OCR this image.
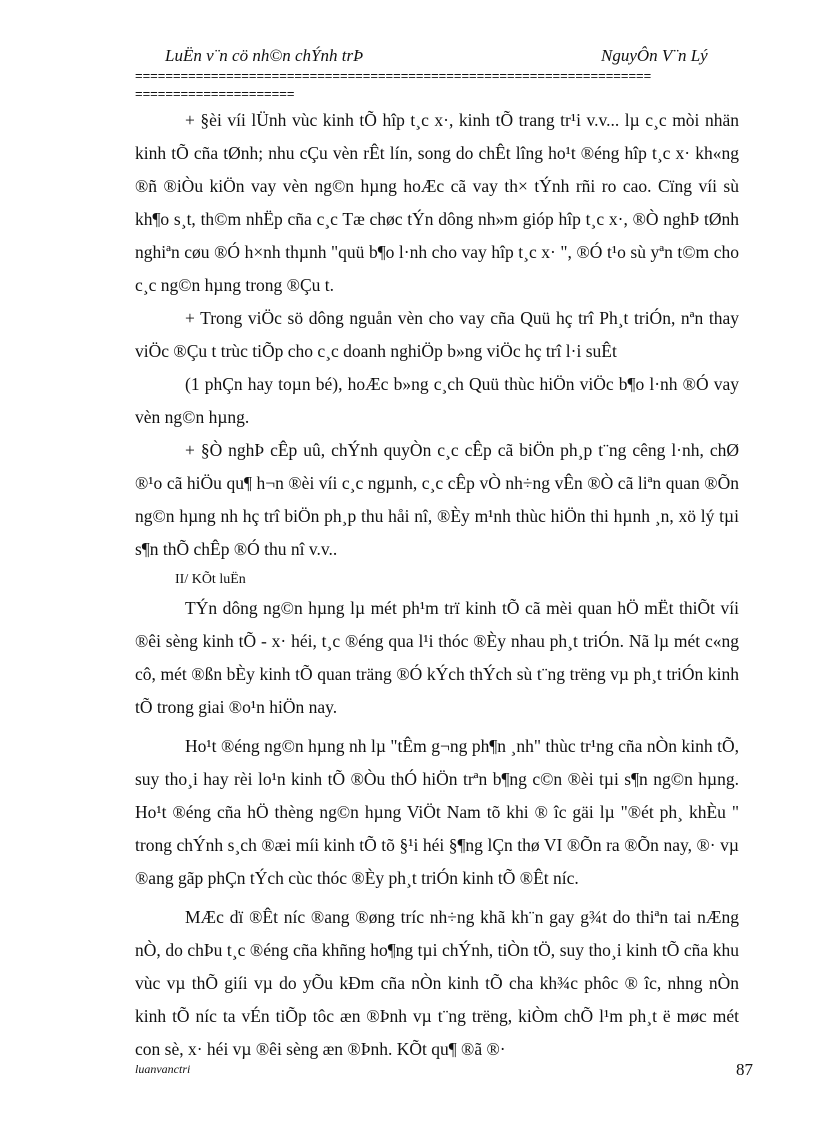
LuËn v¨n cö nh©n chÝnh trÞ	NguyÔn V¨n Lý
====================================================================
=====================

+ §èi víi lÜnh vùc kinh tÕ hîp t¸c x·, kinh tÕ trang tr¹i v.v... lµ c¸c mòi nhän kinh tÕ cña tØnh; nhu cÇu vèn rÊt lín, song do chÊt lîng ho¹t ®éng hîp t¸c x· kh«ng ®ñ ®iÒu kiÖn vay vèn ng©n hµng hoÆc cã vay th× tÝnh rñi ro cao. Cïng víi sù kh¶o s¸t, th©m nhËp cña c¸c Tæ chøc tÝn dông nh»m gióp hîp t¸c x·, ®Ò nghÞ tØnh nghiªn cøu ®Ó h×nh thµnh "quü b¶o l·nh cho vay hîp t¸c x· ", ®Ó t¹o sù yªn t©m cho c¸c ng©n hµng trong ®Çu t.

+ Trong viÖc sö dông nguån vèn cho vay cña Quü hç trî Ph¸t triÓn, nªn thay viÖc ®Çu t trùc tiÕp cho c¸c doanh nghiÖp b»ng viÖc hç trî l·i suÊt

(1 phÇn hay toµn bé), hoÆc b»ng c¸ch Quü thùc hiÖn viÖc b¶o l·nh ®Ó vay vèn ng©n hµng.

+ §Ò nghÞ cÊp uû, chÝnh quyÒn c¸c cÊp cã biÖn ph¸p t¨ng cêng l·nh, chØ ®¹o cã hiÖu qu¶ h¬n ®èi víi c¸c ngµnh, c¸c cÊp vÒ nh÷ng vÊn ®Ò cã liªn quan ®Õn ng©n hµng nh hç trî biÖn ph¸p thu håi nî, ®Èy m¹nh thùc hiÖn thi hµnh ¸n, xö lý tµi s¶n thÕ chÊp ®Ó thu nî v.v..

II/ KÕt luËn

TÝn dông ng©n hµng lµ mét ph¹m trï kinh tÕ cã mèi quan hÖ mËt thiÕt víi ®êi sèng kinh tÕ - x· héi, t¸c ®éng qua l¹i thóc ®Èy nhau ph¸t triÓn. Nã lµ mét c«ng cô, mét ®ßn bÈy kinh tÕ quan träng ®Ó kÝch thÝch sù t¨ng trëng vµ ph¸t triÓn kinh tÕ trong giai ®o¹n hiÖn nay.

Ho¹t ®éng ng©n hµng nh lµ "tÊm g¬ng ph¶n ¸nh" thùc tr¹ng cña nÒn kinh tÕ, suy tho¸i hay rèi lo¹n kinh tÕ ®Òu thÓ hiÖn trªn b¶ng c©n ®èi tµi s¶n ng©n hµng. Ho¹t ®éng cña hÖ thèng ng©n hµng ViÖt Nam tõ khi ® îc gäi lµ "®ét ph¸ khÈu " trong chÝnh s¸ch ®æi míi kinh tÕ tõ §¹i héi §¶ng lÇn thø VI ®Õn ra ®Õn nay, ®· vµ ®ang gãp phÇn tÝch cùc thóc ®Èy ph¸t triÓn kinh tÕ ®Êt níc.

MÆc dï ®Êt níc ®ang ®øng tríc nh÷ng khã kh¨n gay g¾t do thiªn tai nÆng nÒ, do chÞu t¸c ®éng cña khñng ho¶ng tµi chÝnh, tiÒn tÖ, suy tho¸i kinh tÕ cña khu vùc vµ thÕ giíi vµ do yÕu kÐm cña nÒn kinh tÕ cha kh¾c phôc ® îc, nhng nÒn kinh tÕ níc ta vÉn tiÕp tôc æn ®Þnh vµ t¨ng trëng, kiÒm chÕ l¹m ph¸t ë møc mét con sè, x· héi vµ ®êi sèng æn ®Þnh. KÕt qu¶ ®ã ®·

luanvanctri	87
